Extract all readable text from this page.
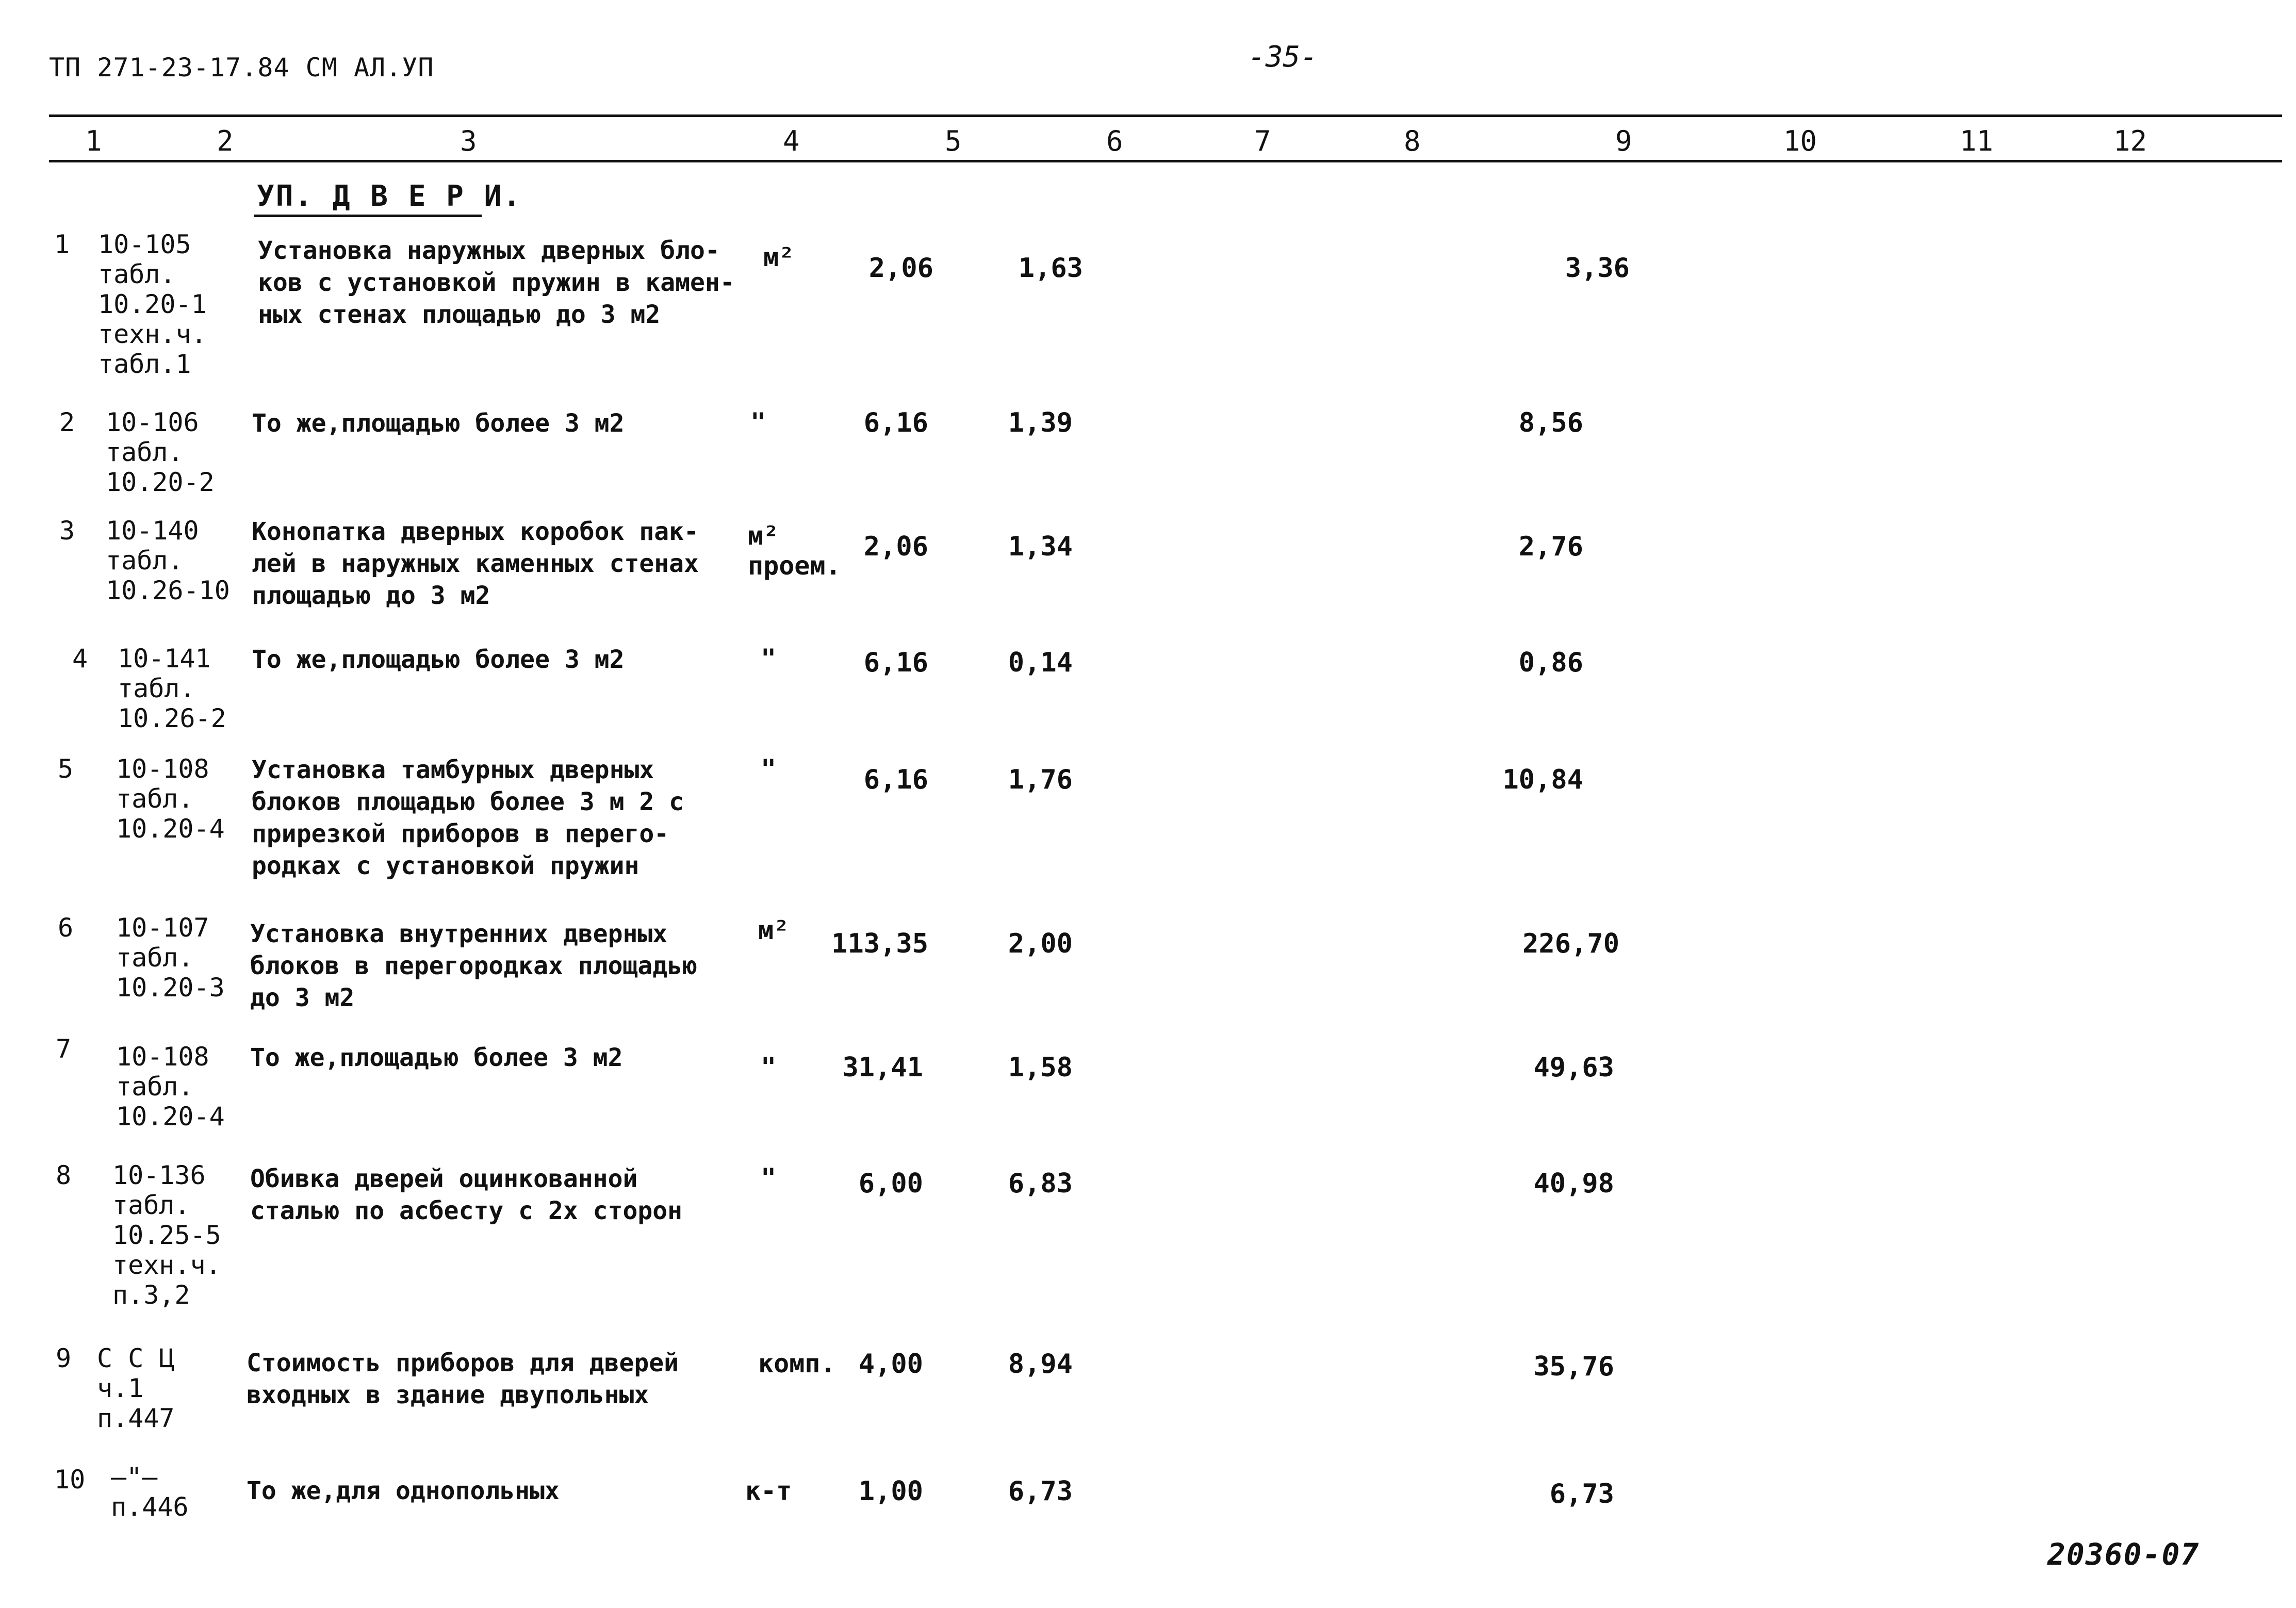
ТП 271-23-17.84 СМ АЛ.УП	-35-
1	2	3	4	5	6	7	8	9	10	11	12
УП. Д В Е Р И.
1 10-105
табл.
10.20-1
техн.ч.
табл.1
Установка наружных дверных бло-
ков с установкой пружин в камен-
ных стенах площадью до 3 м2
м²	2,06	1,63	3,36
2 10-106
табл.
10.20-2
То же,площадью более 3 м2	"	6,16	1,39	8,56
3 10-140
табл.
10.26-10
Конопатка дверных коробок пак-
лей в наружных каменных стенах
площадью до 3 м2
м²
проем.
2,06	1,34	2,76
4 10-141
табл.
10.26-2
То же,площадью более 3 м2	"	6,16	0,14	0,86
5 10-108
табл.
10.20-4
Установка тамбурных дверных
блоков площадью более 3 м 2 с
прирезкой приборов в перего-
родках с установкой пружин
"	6,16	1,76	10,84
6 10-107
табл.
10.20-3
Установка внутренних дверных
блоков в перегородках площадью
до 3 м2
м²	113,35	2,00	226,70
7 10-108
табл.
10.20-4
То же,площадью более 3 м2	"	31,41	1,58	49,63
8 10-136
табл.
10.25-5
техн.ч.
п.3,2
Обивка дверей оцинкованной
сталью по асбесту с 2х сторон
"	6,00	6,83	40,98
9 С С Ц
ч.1
п.447
Стоимость приборов для дверей
входных в здание двупольных
комп. 4,00	8,94	35,76
10 —"—
п.446
То же,для однопольных	к-т	1,00	6,73	6,73
20360-07
